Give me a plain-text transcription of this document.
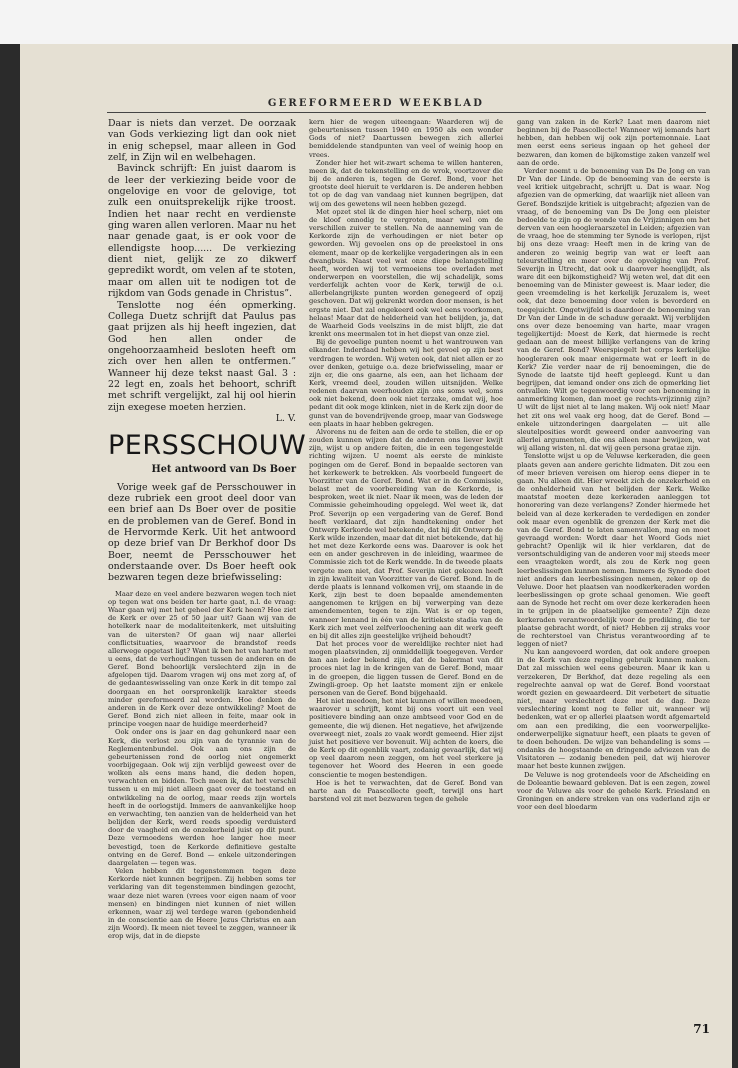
GEREFORMEERD WEEKBLAD

Daar is niets dan verzet. De oorzaak van Gods verkiezing ligt dan ook niet in enig schepsel, maar alleen in God zelf, in Zijn wil en welbehagen.

Bavinck schrijft: En juist daarom is de leer der verkiezing beide voor de ongelovige en voor de gelovige, tot zulk een onuitsprekelijk rijke troost. Indien het naar recht en verdienste ging waren allen verloren. Maar nu het naar genade gaat, is er ook voor de ellendigste hoop...... De verkiezing dient niet, gelijk ze zo dikwerf gepredikt wordt, om velen af te stoten, maar om allen uit te nodigen tot de rijkdom van Gods genade in Christus”.

Tenslotte nog één opmerking. Collega Duetz schrijft dat Paulus pas gaat prijzen als hij heeft ingezien, dat God hen allen onder de ongehoorzaamheid besloten heeft om zich over hen allen te ontfermen.” Wanneer hij deze tekst naast Gal. 3 : 22 legt en, zoals het behoort, schrift met schrift vergelijkt, zal hij ool hierin zijn exegese moeten herzien.

L. V.

PERSSCHOUW
Het antwoord van Ds Boer

Vorige week gaf de Persschouwer in deze rubriek een groot deel door van een brief aan Ds Boer over de positie en de problemen van de Geref. Bond in de Hervormde Kerk. Uit het antwoord op deze brief van Dr Berkhof door Ds Boer, neemt de Persschouwer het onderstaande over. Ds Boer heeft ook bezwaren tegen deze briefwisseling:

Maar deze en veel andere bezwaren wegen toch niet op tegen wat ons beiden ter harte gaat, n.l. de vraag: Waar gaan wij met het geheel der Kerk heen? Hoe ziet de Kerk er over 25 of 50 jaar uit? Gaan wij van de hotelkerk naar de modaliteitenkerk, met uitsluiting van de uitersten? Of gaan wij naar allerlei conflictsituaties, waarvoor de brandstof reeds allerwege opgetast ligt? Want ik ben het van harte met u eens, dat de verhoudingen tussen de anderen en de Geref. Bond behoorlijk verslechterd zijn in de afgelopen tijd. Daarom vragen wij ons met zorg af, of de gedaanteswisseling van onze Kerk in dit tempo zal doorgaan en het oorspronkelijk karakter steeds minder gereformeerd zal worden. Hoe denken de anderen in de Kerk over deze ontwikkeling? Moet de Geref. Bond zich niet alleen in feite, maar ook in principe voegen naar de huidige meerderheid?

Ook onder ons is jaar en dag gehunkerd naar een Kerk, die verlost zou zijn van de tyrannie van de Reglementenbundel. Ook aan ons zijn de gebeurtenissen rond de oorlog niet ongemerkt voorbijgegaan. Ook wij zijn verblijd geweest over de wolken als eens mans hand, die deden hopen, verwachten en bidden. Toch meen ik, dat het verschil tussen u en mij niet alleen gaat over de toestand en ontwikkeling na de oorlog, maar reeds zijn wortels heeft in de oorlogstijd. Immers de aanvankelijke hoop en verwachting, ten aanzien van de helderheid van het belijden der Kerk, werd reeds spoedig verduisterd door de vaagheid en de onzekerheid juist op dit punt. Deze vermoedens werden hoe langer hoe meer bevestigd, toen de Kerkorde definitieve gestalte ontving en de Geref. Bond — enkele uitzonderingen daargelaten — tegen was.

Velen hebben dit tegenstemmen tegen deze Kerkorde niet kunnen begrijpen. Zij hebben soms ter verklaring van dit tegenstemmen bindingen gezocht, waar deze niet waren (vrees voor eigen naam of voor mensen) en bindingen niet kunnen of niet willen erkennen, waar zij wel terdege waren (gebondenheid in de conscientie aan de Heere Jezus Christus en aan zijn Woord). Ik meen niet teveel te zeggen, wanneer ik erop wijs, dat in de diepste

kern hier de wegen uiteengaan: Waarderen wij de gebeurtenissen tussen 1940 en 1950 als een wonder Gods of niet? Daartussen bewegen zich allerlei bemiddelende standpunten van veel of weinig hoop en vrees.

Zonder hier het wit-zwart schema te willen hanteren, meen ik, dat de tekenstelling en de wrok, voortzover die bij de anderen is, tegen de Geref. Bond, voor het grootste deel hieruit te verklaren is. De anderen hebben tot op de dag van vandaag niet kunnen begrijpen, dat wij om des gewetens wil neen hebben gezegd.

Met opzet stel ik de dingen hier heel scherp, niet om de kloof onnodig te vergroten, maar wel om de verschillen zuiver te stellen. Na de aanneming van de Kerkorde zijn de verhoudingen er niet beter op geworden. Wij gevoelen ons op de preekstoel in ons element, maar op de kerkelijke vergaderingen als in een dwangbuis. Naast veel wat onze diepe belangstelling heeft, worden wij tot vermoeiens toe overladen met onderwerpen en voorstellen, die wij schadelijk, soms verderfelijk achten voor de Kerk, terwijl de o.i. allerbelangrijkste punten worden genegeerd of opzij geschoven. Dat wij gekrenkt worden door mensen, is het ergste niet. Dat zal ongekeerd ook wel eens voorkomen, helaas! Maar dat de helderheid van het belijden, ja, dat de Waarheid Gods veelszins in de mist blijft, zie dat krenkt ons meermalen tot in het diepst van onze ziel.

Bij de gevoelige punten noemt u het wantrouwen van elkander. Inderdaad hebben wij het gevoel op zijn best verdragen te worden. Wij weten ook, dat niet allen er zo over denken, getuige o.a. deze briefwisseling, maar er zijn er, die ons gaarne, als een, aan het lichaam der Kerk, vreemd deel, zouden willen uitsnijden. Welke redenen daarvan weerhouden zijn ons soms wel, soms ook niet bekend, doen ook niet terzake, omdat wij, hoe pedant dit ook moge klinken, niet in de Kerk zijn door de gunst van de bovendrijvende groep, maar van Godswege een plaats in haar hebben gekregen.

Alvorens nu de feiten aan de orde te stellen, die er op zouden kunnen wijzen dat de anderen ons liever kwijt zijn, wijst u op andere feiten, die in een tegengestelde richting wijzen. U noemt als eerste de minkiste pogingen om de Geref. Bond in bepaalde sectoren van het kerkewerk te betrekken. Als voorbeeld fungeert de Voorzitter van de Geref. Bond. Wat er in de Commissie, belast met de voorbereiding van de Kerkorde, is besproken, weet ik niet. Naar ik meen, was de leden der Commissie geheimhouding opgelegd. Wel weet ik, dat Prof. Severijn op een vergadering van de Geref. Bond heeft verklaard, dat zijn handtekening onder het Ontwerp Kerkorde wel betekende, dat hij dit Ontwerp de Kerk wilde inzenden, maar dat dit niet betekende, dat hij het met deze Kerkorde eens was. Daarover is ook het een en ander geschreven in de inleiding, waarmee de Commissie zich tot de Kerk wendde. In de tweede plaats vergete men niet, dat Prof. Severijn niet gekozen heeft in zijn kwaliteit van Voorzitter van de Geref. Bond. In de derde plaats is lennand volkomen vrij, om staande in de Kerk, zijn best te doen bepaalde amendementen aangenomen te krijgen en bij verwerping van deze amendementen, tegen te zijn. Wat is er op tegen, wanneer lennand in één van de kritiekste stadia van de Kerk zich met veel zelfverloochening aan dit werk geeft en bij dit alles zijn geestelijke vrijheid behoudt?

Dat het proces voor de wereldlijke rechter niet had mogen plaatsvinden, zij onmiddellijk toegegeven. Verder kan aan ieder bekend zijn, dat de bakermat van dit proces niet lag in de kringen van de Geref. Bond, maar in de groepen, die liggen tussen de Geref. Bond en de Zwingli-groep. Op het laatste moment zijn er enkele personen van de Geref. Bond bijgehaald.

Het niet meedoen, het niet kunnen of willen meedoen, waarover u schrijft, komt bij ons voort uit een veel positievere binding aan onze ambtseed voor God en de gemeente, die wij dienen. Het negatieve, het afwijzende overweegt niet, zoals zo vaak wordt gemeend. Hier zijst juist het positieve ver bovenuit. Wij achten de koers, die de Kerk op dit ogenblik vaart, zodanig gevaarlijk, dat wij op veel daarom neen zeggen, om het veel sterkere ja tegenover het Woord des Heeren in een goede conscientie te mogen bestendigen.

Hoe is het te verwachten, dat de Geref. Bond van harte aan de Paascollecte geeft, terwijl ons hart barstend vol zit met bezwaren tegen de gehele

gang van zaken in de Kerk? Laat men daarom niet beginnen bij de Paascollecte! Wanneer wij iemands hart hebben, dan hebben wij ook zijn portemonnaie. Laat men eerst eens serieus ingaan op het geheel der bezwaren, dan komen de bijkomstige zaken vanzelf wel aan de orde.

Verder noemt u de benoeming van Ds De Jong en van Dr Van der Linde. Op de benoeming van de eerste is veel kritiek uitgebracht, schrijft u. Dat is waar. Nog afgezien van de opmerking, dat waarlijk niet alleen van Geref. Bondszijde kritiek is uitgebracht; afgezien van de vraag, of de benoeming van Ds De Jong een pleister bedoelde te zijn op de wonde van de Vrijzinnigen om het derven van een hoogleraarszetel in Leiden; afgezien van de vraag, hoe de stemming ter Synode is verlopen, rijst bij ons deze vraag: Heeft men in de kring van de anderen zo weinig begrip van wat er leeft aan teleurstelling en meer over de opvolging van Prof. Severijn in Utrecht, dat ook u daarover heenglijdt, als ware dit een bijkomstigheid? Wij weten wel, dat dit een benoeming van de Minister geweest is. Maar ieder, die geen vreemdeling is het kerkelijk Jeruzalem is, weet ook, dat deze benoeming door velen is bevorderd en toegejuicht. Ongetwijfeld is daardoor de benoeming van Dr Van der Linde in de schaduw geraakt. Wij verblijden ons over deze benoeming van harte, maar vragen tegelijkertijd: Moest de Kerk, dat hiermede is recht gedaan aan de meest billijke verlangens van de kring van de Geref. Bond? Weerspiegelt het corps kerkelijke hoogleraren ook maar enigermate wat er leeft in de Kerk? Zie verder naar de rij benoemingen, die de Synode de laatste tijd heeft gepleegd. Kunt u dan begrijpen, dat iemand onder ons zich de opmerking liet ontvallen: Wilt ge tegenwoordig voor een benoeming in aanmerking komen, dan moet ge rechts-vrijzinnig zijn? U wilt de lijst niet al te lang maken. Wij ook niet! Maar het zit ons wel vaak erg hoog, dat de Geref. Bond — enkele uitzonderingen daargelaten — uit alle sleutelposities wordt geweerd onder aanvoering van allerlei argumenten, die ons alleen maar bewijzen, wat wij allang wisten, nl. dat wij geen persona gratae zijn.

Tenslotte wijst u op de Veluwse kerkeraden, die geen plaats geven aan andere gerichte lidmaten. Dit zou een of meer brieven vereisen om hierop eens dieper in te gaan. Nu alleen dit. Hier wreekt zich de onzekerheid en de onhelderheid van het belijden der Kerk. Welke maatstaf moeten deze kerkeraden aanleggen tot honorering van deze verlangens? Zonder hiermede het beleid van al deze kerkeraden te verdedigen en zonder ook maar even ogenblik de grenzen der Kerk met die van de Geref. Bond te laten samenvallen, mag en moet gevraagd worden: Wordt daar het Woord Gods niet gebracht? Openlijk wil ik hier verklaren, dat de versontschuldiging van de anderen voor mij steeds meer een vraagteken wordt, als zou de Kerk nog geen leerbeslissingen kunnen nemen. Immers de Synode doet niet anders dan leerbeslissingen nemen, zeker op de Veluwe. Door het plaatsen van noodkerkeraden worden leerbeslissingen op grote schaal genomen. Wie geeft aan de Synode het recht om over deze kerkeraden heen in te grijpen in de plaatselijke gemeente? Zijn deze kerkeraden verantwoordelijk voor de prediking, die ter plaatse gebracht wordt, of niet? Hebben zij straks voor de rechterstoel van Christus verantwoording af te leggen of niet?

Nu kan aangevoerd worden, dat ook andere groepen in de Kerk van deze regeling gebruik kunnen maken. Dat zal misschien wel eens gebeuren. Maar ik kan u verzekeren, Dr Berkhof, dat deze regeling als een regelrechte aanval op wat de Geref. Bond voorstaat wordt gezien en gewaardeerd. Dit verbetert de situatie niet, maar verslechtert deze met de dag. Deze verslechtering komt nog te feller uit, wanneer wij bedenken, wat er op allerlei plaatsen wordt afgemarteld om aan een prediking, die een voorwerpelijke-onderwerpelijke signatuur heeft, een plaats te geven of te doen behouden. De wijze van behandeling is soms — ondanks de hoogstaande en dringende adviezen van de Visitatoren — zodanig beneden peil, dat wij hierover maar het beste kunnen zwijgen.

De Veluwe is nog grotendeels voor de Afscheiding en de Doleantie bewaard gebleven. Dat is een zegen, zowel voor de Veluwe als voor de gehele Kerk. Friesland en Groningen en andere streken van ons vaderland zijn er voor een deel bloedarm

71
